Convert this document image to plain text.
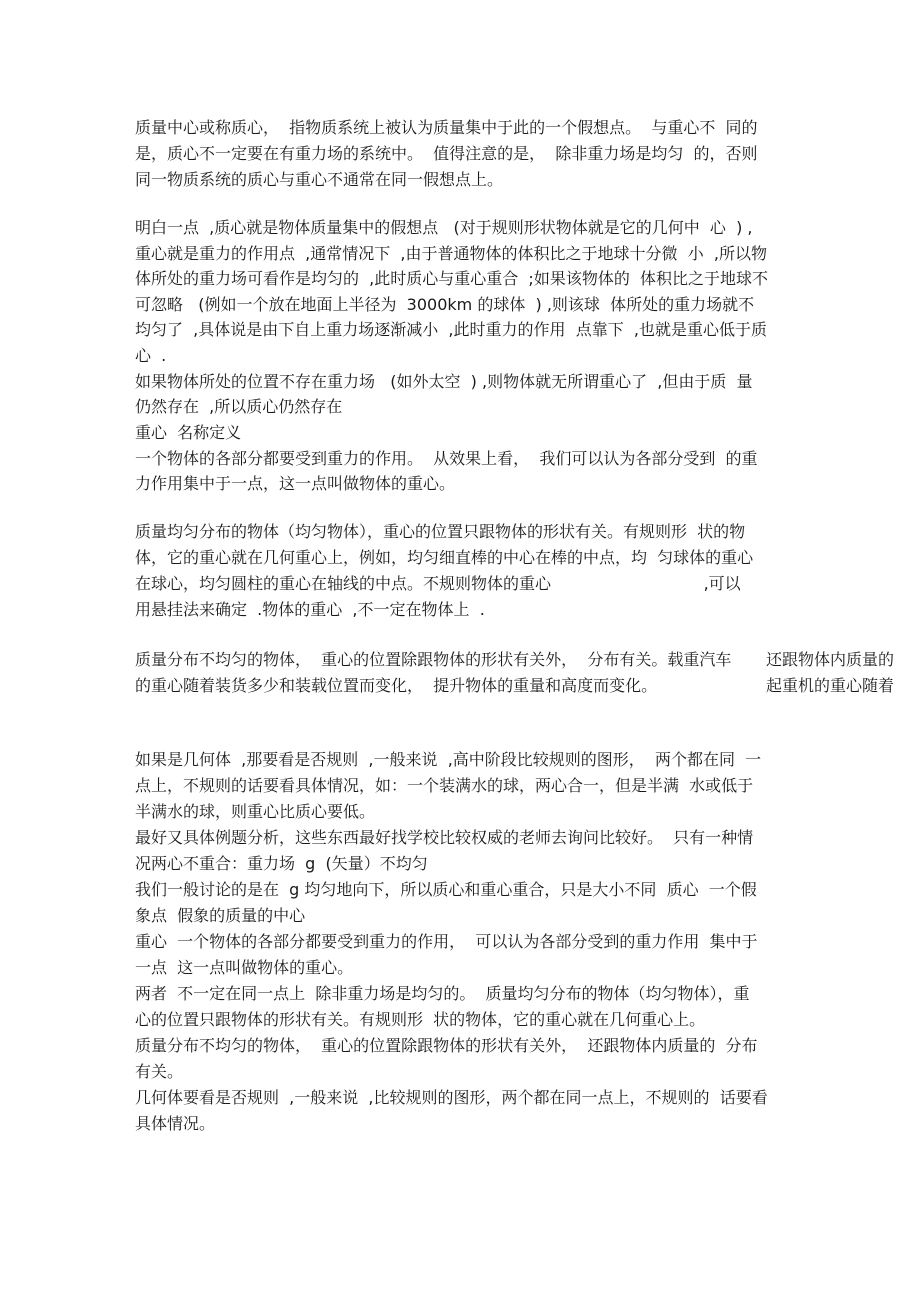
质量中心或称质心，  指物质系统上被认为质量集中于此的一个假想点。  与重心不  同的
是，质心不一定要在有重力场的系统中。  值得注意的是，  除非重力场是均匀  的，否则
同一物质系统的质心与重心不通常在同一假想点上。
明白一点  ,质心就是物体质量集中的假想点   (对于规则形状物体就是它的几何中  心  ) ,
重心就是重力的作用点  ,通常情况下  ,由于普通物体的体积比之于地球十分微  小  ,所以物
体所处的重力场可看作是均匀的  ,此时质心与重心重合  ;如果该物体的  体积比之于地球不
可忽略   (例如一个放在地面上半径为  3000km 的球体  ) ,则该球  体所处的重力场就不
均匀了  ,具体说是由下自上重力场逐渐减小  ,此时重力的作用  点靠下  ,也就是重心低于质
心  .
如果物体所处的位置不存在重力场   (如外太空  ) ,则物体就无所谓重心了  ,但由于质  量
仍然存在  ,所以质心仍然存在
重心  名称定义
一个物体的各部分都要受到重力的作用。  从效果上看，  我们可以认为各部分受到  的重
力作用集中于一点，这一点叫做物体的重心。
质量均匀分布的物体（均匀物体），重心的位置只跟物体的形状有关。有规则形  状的物
体，它的重心就在几何重心上，例如，均匀细直棒的中心在棒的中点，均  匀球体的重心
在球心，均匀圆柱的重心在轴线的中点。不规则物体的重心                              ,可以
用悬挂法来确定  .物体的重心  ,不一定在物体上  .
质量分布不均匀的物体，  重心的位置除跟物体的形状有关外，  分布有关。载重汽车 还跟物体内质量的
的重心随着装货多少和装载位置而变化，  提升物体的重量和高度而变化。	起重机的重心随着
如果是几何体  ,那要看是否规则  ,一般来说  ,高中阶段比较规则的图形，  两个都在同  一
点上，不规则的话要看具体情况，如：一个装满水的球，两心合一，但是半满  水或低于
半满水的球，则重心比质心要低。
最好又具体例题分析，这些东西最好找学校比较权威的老师去询问比较好。  只有一种情
况两心不重合：重力场  g  (矢量）不均匀
我们一般讨论的是在  g 均匀地向下，所以质心和重心重合，只是大小不同  质心  一个假
象点  假象的质量的中心
重心  一个物体的各部分都要受到重力的作用，  可以认为各部分受到的重力作用  集中于
一点  这一点叫做物体的重心。
两者  不一定在同一点上  除非重力场是均匀的。  质量均匀分布的物体（均匀物体），重
心的位置只跟物体的形状有关。有规则形  状的物体，它的重心就在几何重心上。
质量分布不均匀的物体，  重心的位置除跟物体的形状有关外，  还跟物体内质量的  分布
有关。
几何体要看是否规则  ,一般来说  ,比较规则的图形，两个都在同一点上，不规则的  话要看
具体情况。
